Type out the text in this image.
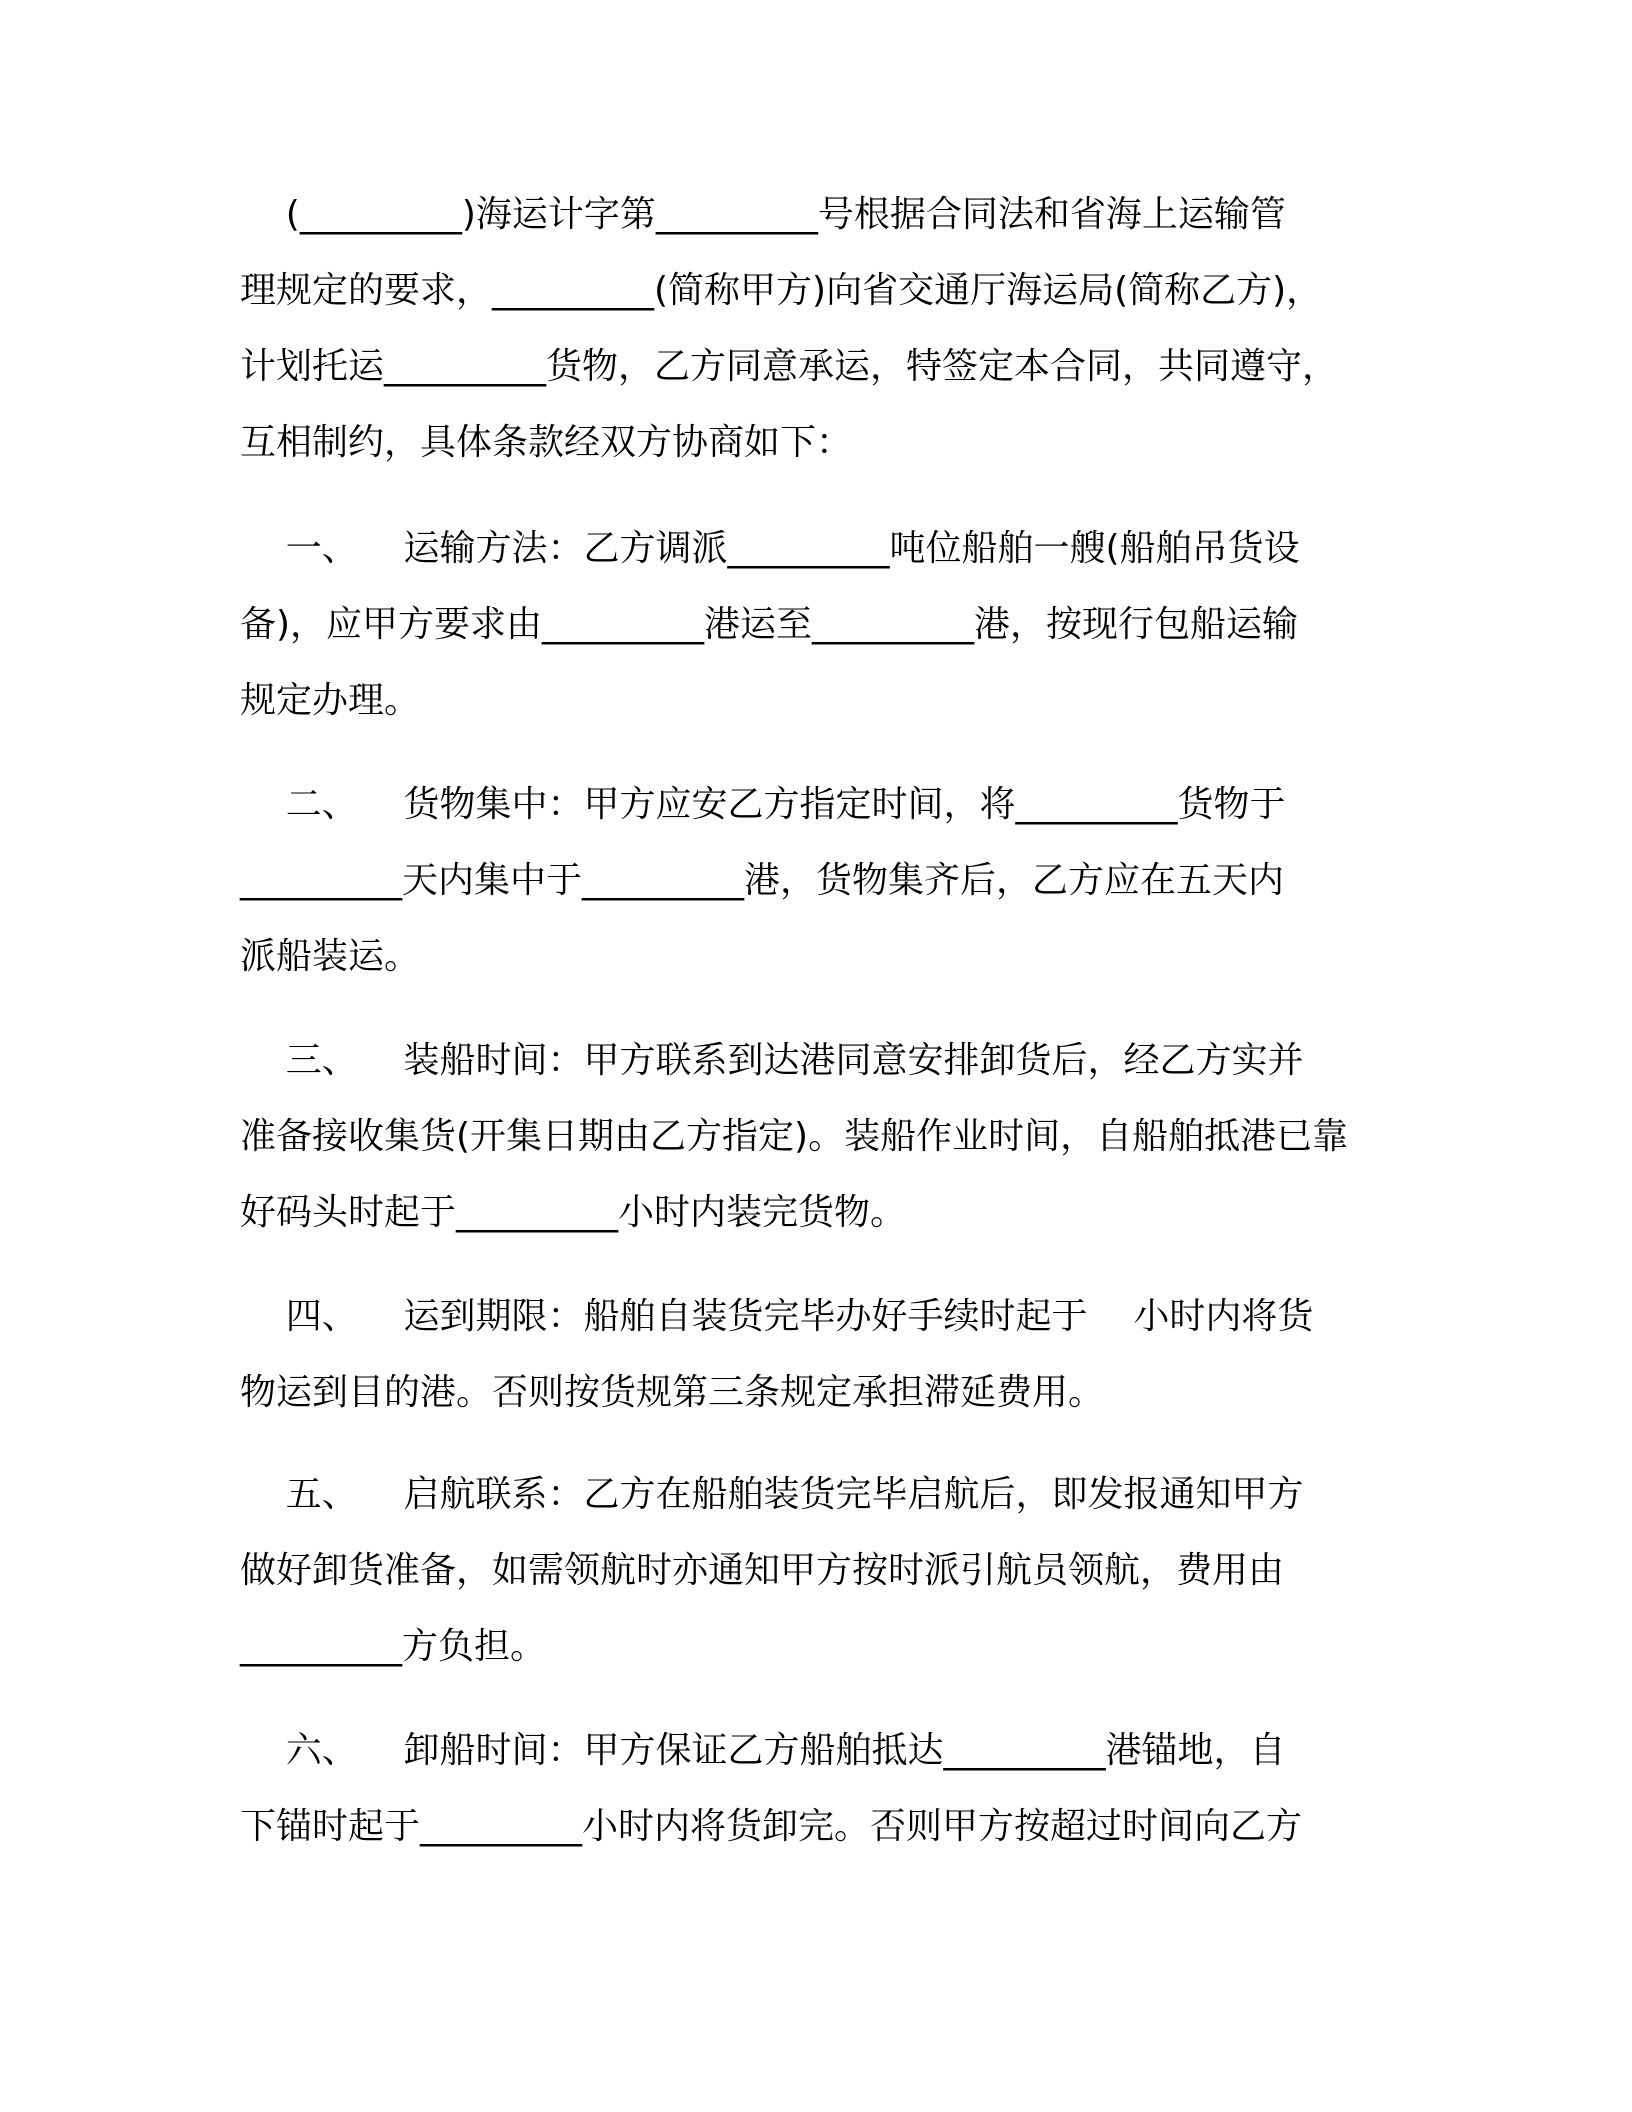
(_________)海运计字第_________号根据合同法和省海上运输管

理规定的要求，_________(简称甲方)向省交通厅海运局(简称乙方)，

计划托运_________货物，乙方同意承运，特签定本合同，共同遵守，

互相制约，具体条款经双方协商如下：

一、    运输方法：乙方调派_________吨位船舶一艘(船舶吊货设

备)，应甲方要求由_________港运至_________港，按现行包船运输

规定办理。

二、    货物集中：甲方应安乙方指定时间，将_________货物于

_________天内集中于_________港，货物集齐后，乙方应在五天内

派船装运。

三、    装船时间：甲方联系到达港同意安排卸货后，经乙方实并

准备接收集货(开集日期由乙方指定)。装船作业时间，自船舶抵港已靠

好码头时起于_________小时内装完货物。

四、    运到期限：船舶自装货完毕办好手续时起于    小时内将货

物运到目的港。否则按货规第三条规定承担滞延费用。

五、    启航联系：乙方在船舶装货完毕启航后，即发报通知甲方

做好卸货准备，如需领航时亦通知甲方按时派引航员领航，费用由

_________方负担。

六、    卸船时间：甲方保证乙方船舶抵达_________港锚地，自

下锚时起于_________小时内将货卸完。否则甲方按超过时间向乙方
